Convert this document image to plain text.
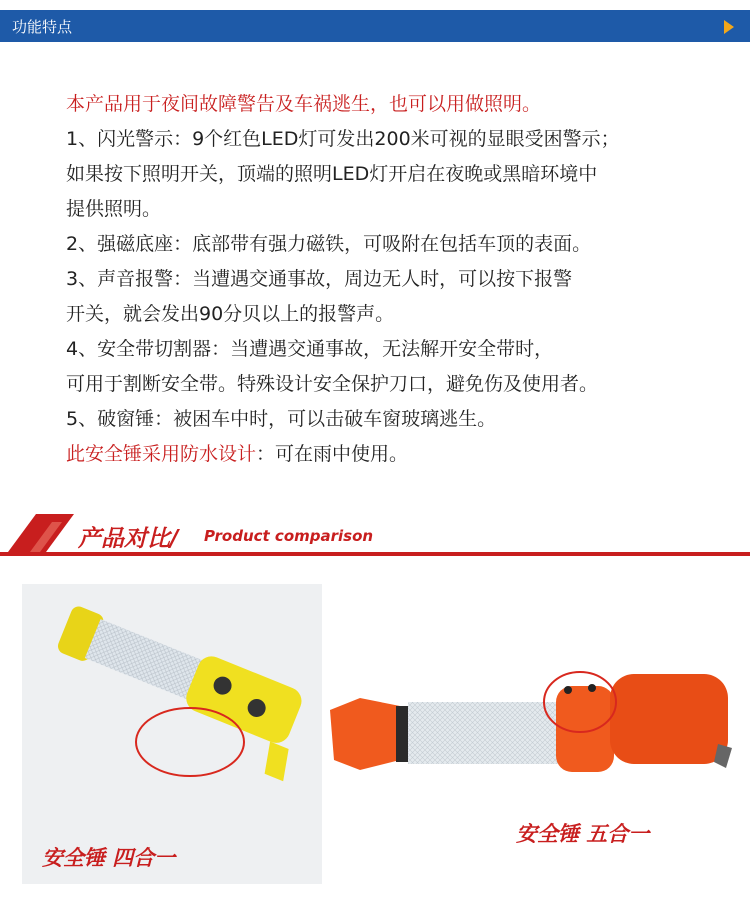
功能特点
本产品用于夜间故障警告及车祸逃生，也可以用做照明。
1、闪光警示：9个红色LED灯可发出200米可视的显眼受困警示；
如果按下照明开关，顶端的照明LED灯开启在夜晚或黑暗环境中
提供照明。
2、强磁底座：底部带有强力磁铁，可吸附在包括车顶的表面。
3、声音报警：当遭遇交通事故，周边无人时，可以按下报警
开关，就会发出90分贝以上的报警声。
4、安全带切割器：当遭遇交通事故，无法解开安全带时，
可用于割断安全带。特殊设计安全保护刀口，避免伤及使用者。
5、破窗锤：被困车中时，可以击破车窗玻璃逃生。
此安全锤采用防水设计：可在雨中使用。
产品对比/ Product comparison
安全锤 四合一
安全锤 五合一
